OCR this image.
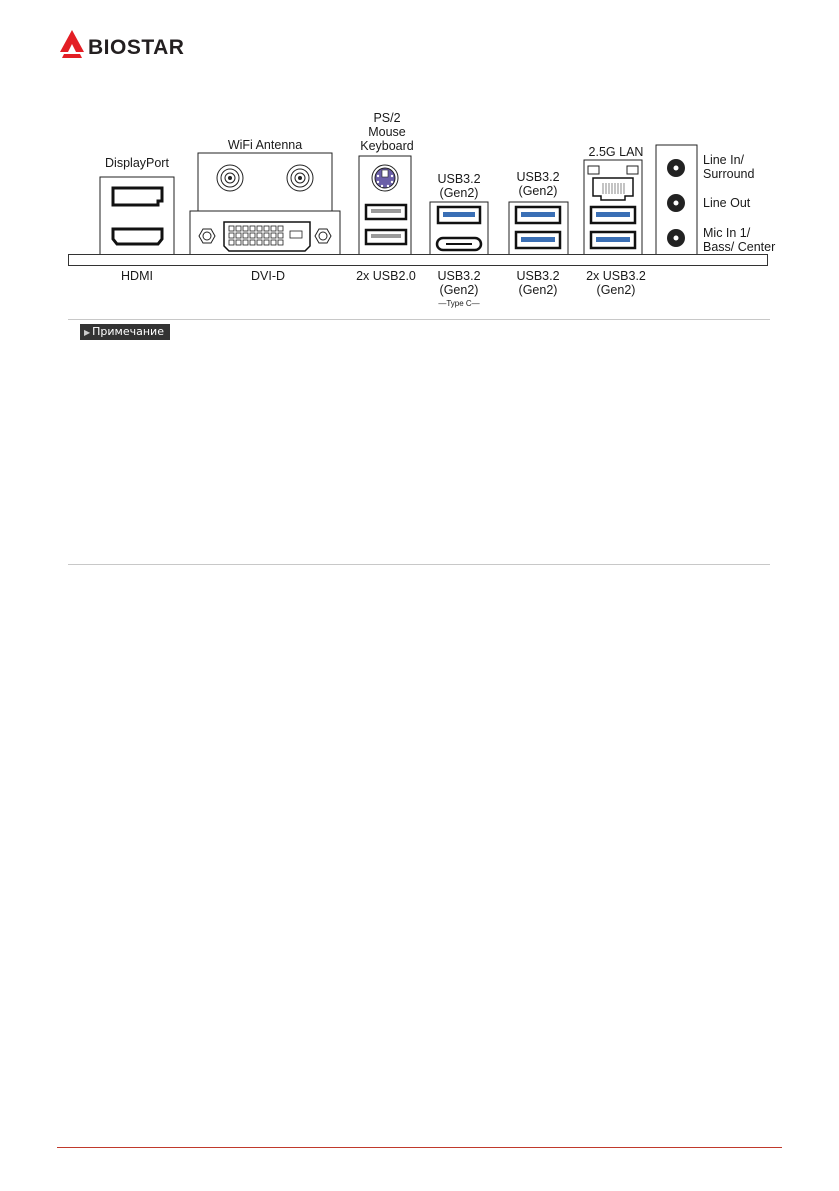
BIOSTAR
DisplayPort
WiFi Antenna
PS/2
Mouse
Keyboard
USB3.2
(Gen2)
USB3.2
(Gen2)
2.5G LAN
Line In/
Surround
Line Out
Mic In 1/
Bass/ Center
HDMI	DVI-D	2x USB2.0	USB3.2
(Gen2)
—Type C—
USB3.2
(Gen2)
2x USB3.2
(Gen2)
▶ Примечание
